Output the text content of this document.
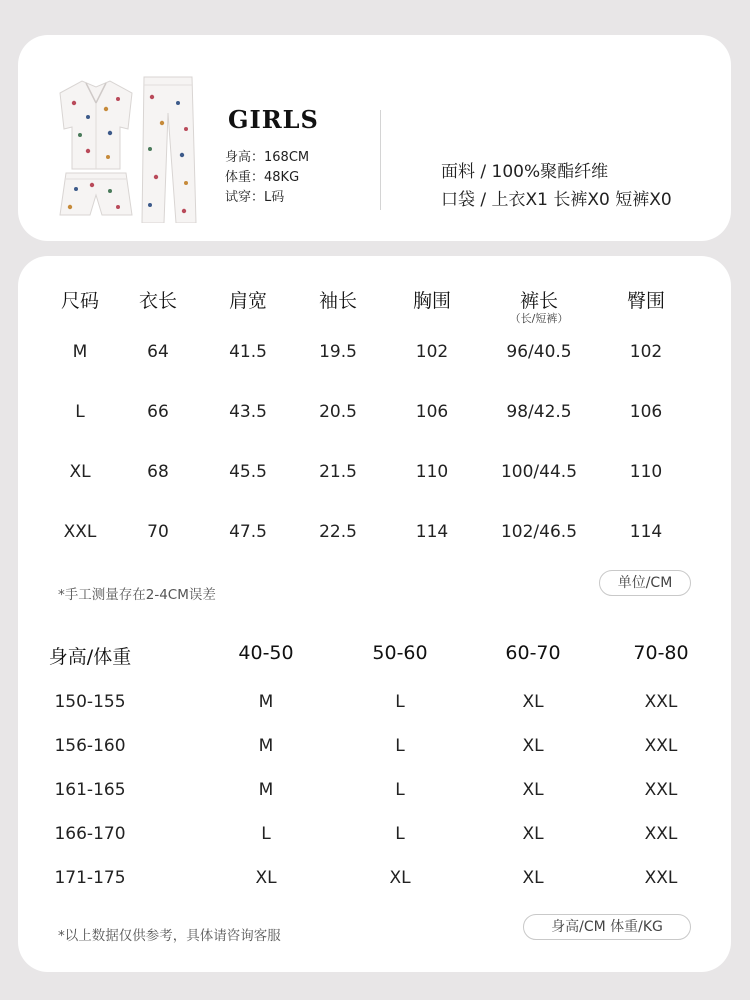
GIRLS
身高：168CM
体重：48KG
试穿：L码
面料 / 100%聚酯纤维
口袋 / 上衣X1 长裤X0 短裤X0
尺码 衣长	肩宽	袖长	胸围	裤长	臀围
（长/短裤）
M	64	41.5	19.5	102	96/40.5	102
L	66	43.5	20.5	106	98/42.5	106
XL	68	45.5	21.5	110	100/44.5	110
XXL	70	47.5	22.5	114	102/46.5	114
*手工测量存在2-4CM误差
单位/CM
身高/体重	40-50	50-60	60-70	70-80
150-155	M	L	XL	XXL
156-160	M	L	XL	XXL
161-165	M	L	XL	XXL
166-170	L	L	XL	XXL
171-175	XL	XL	XL	XXL
*以上数据仅供参考，具体请咨询客服
身高/CM 体重/KG
